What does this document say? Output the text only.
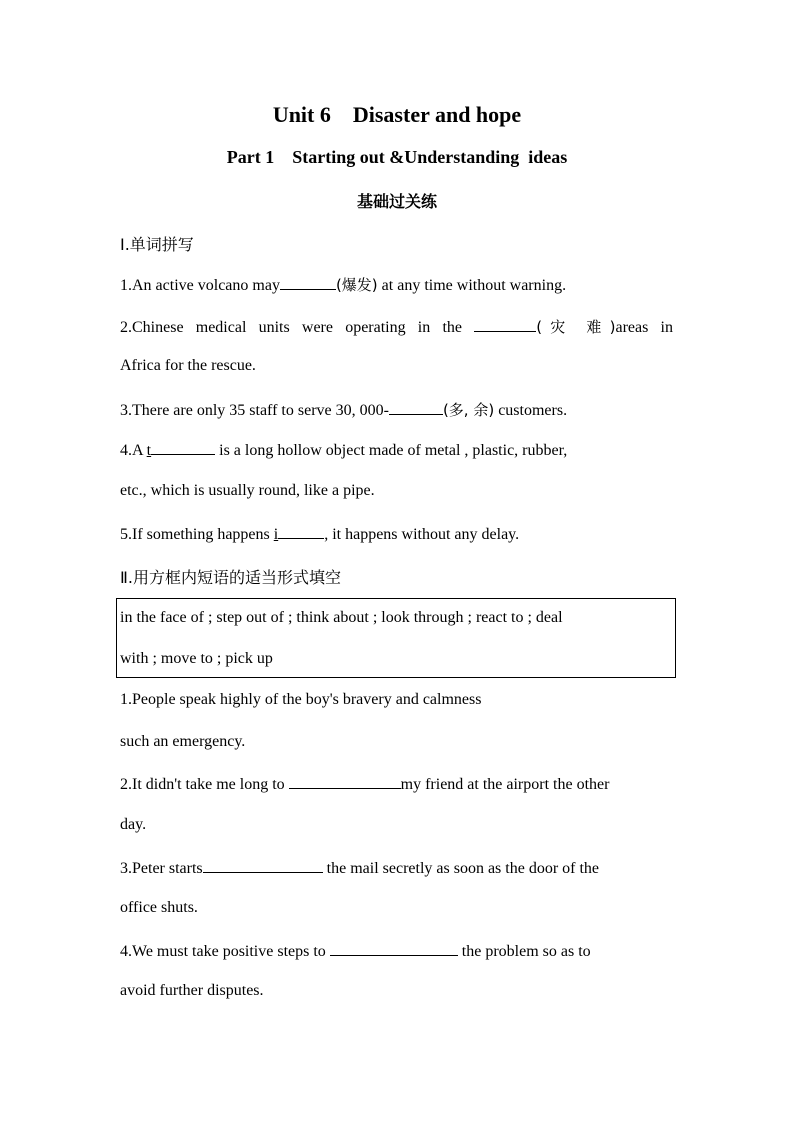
Unit 6    Disaster and hope
Part 1    Starting out &Understanding  ideas
基础过关练
Ⅰ.单词拼写
1.An active volcano may	(爆发) at any time without warning.
2.Chinese medical units were operating in the	(灾 难)areas in
Africa for the rescue.
3.There are only 35 staff to serve 30, 000-	(多, 余) customers.
4.A t	is a long hollow object made of metal , plastic, rubber,
etc., which is usually round, like a pipe.
5.If something happens i	, it happens without any delay.
Ⅱ.用方框内短语的适当形式填空
in the face of ; step out of ; think about ; look through ; react to ; deal
with ; move to ; pick up
1.People speak highly of the boy's bravery and calmness
such an emergency.
2.It didn't take me long to	my friend at the airport the other
day.
3.Peter starts	the mail secretly as soon as the door of the
office shuts.
4.We must take positive steps to	the problem so as to
avoid further disputes.
